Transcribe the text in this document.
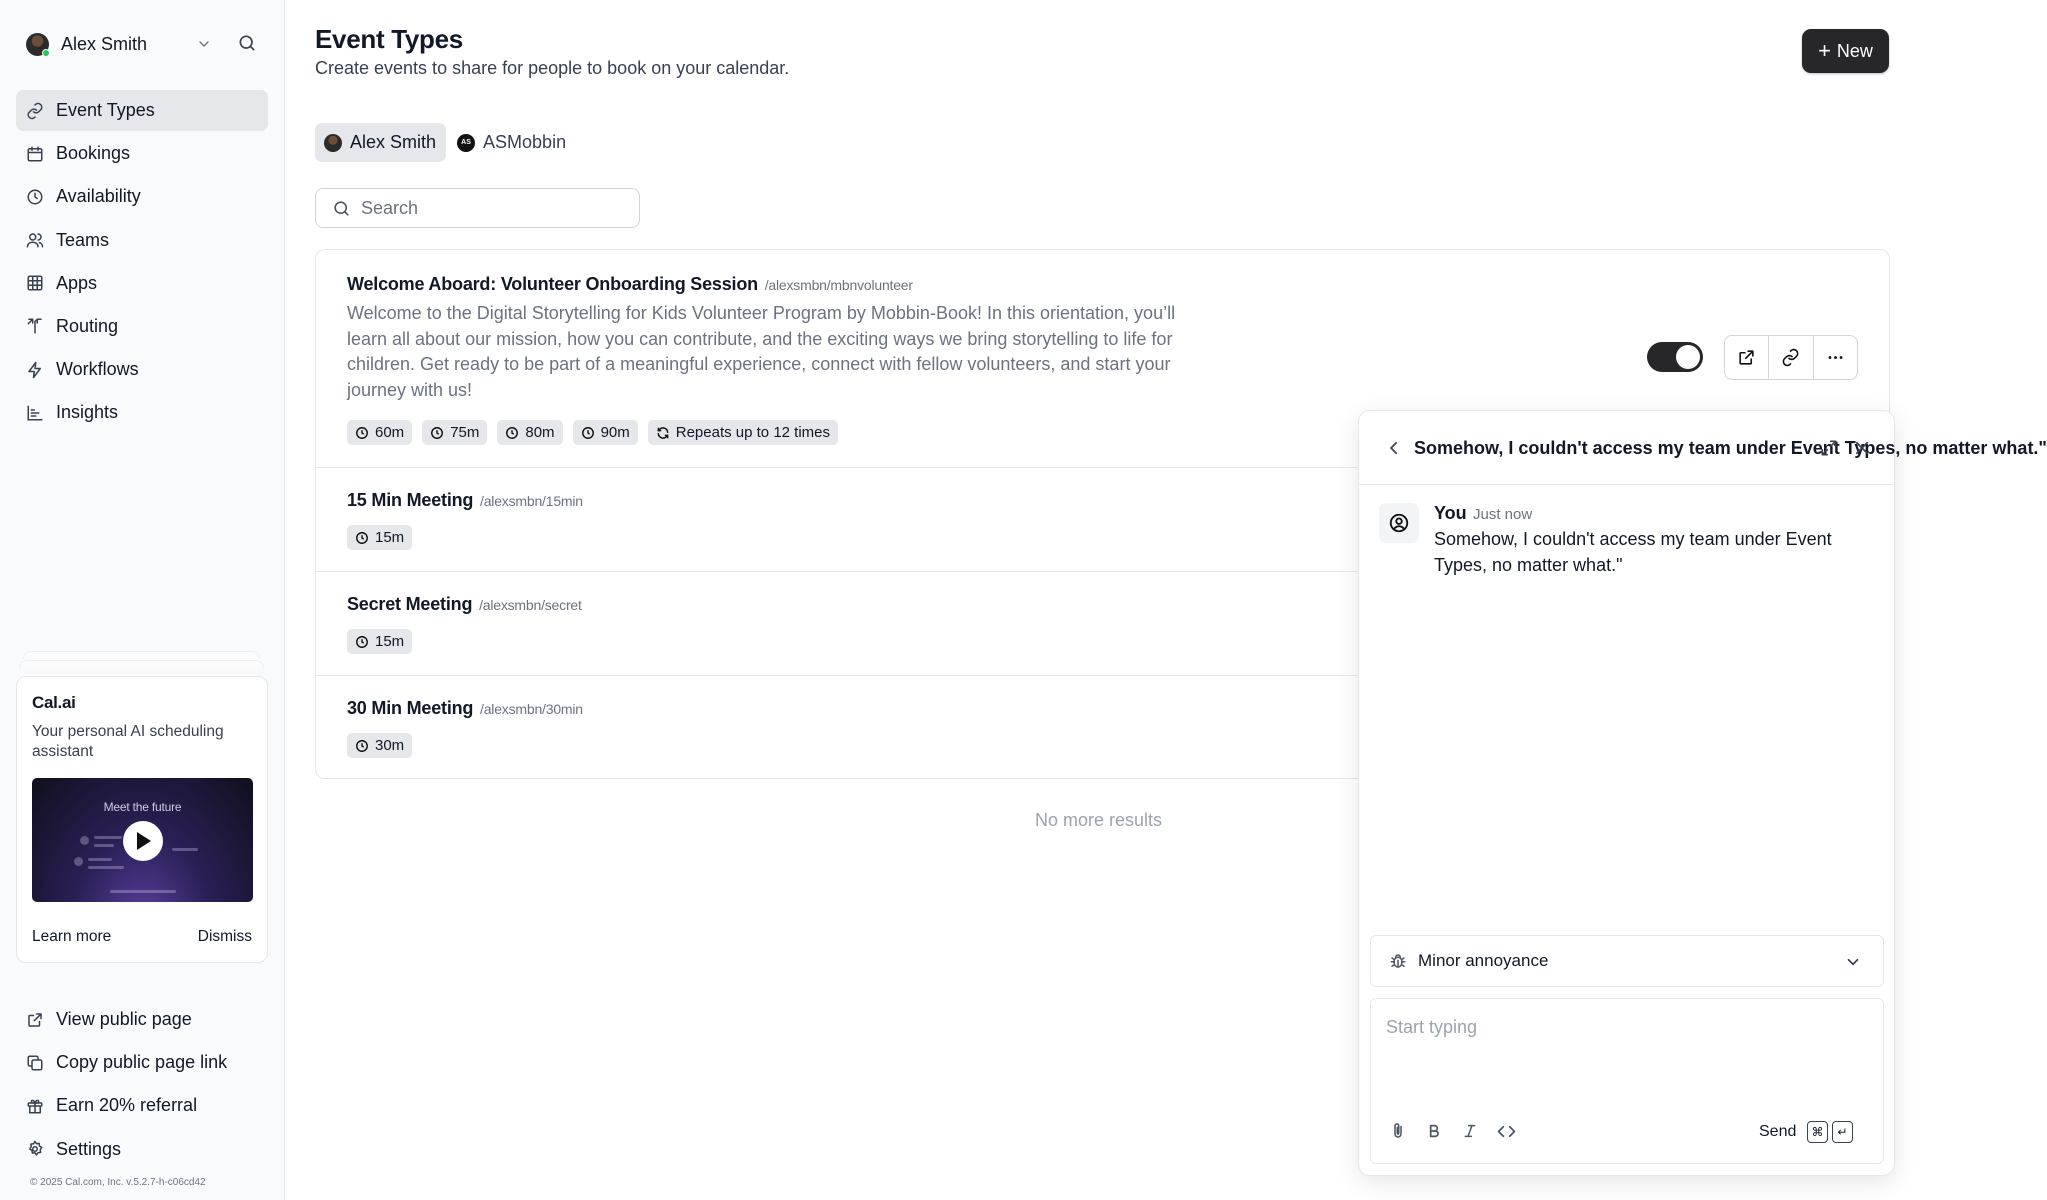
Alex Smith
Event Types
Bookings
Availability
Teams
Apps
Routing
Workflows
Insights
Cal.ai
Your personal AI scheduling assistant
Meet the future
Learn more	Dismiss
View public page
Copy public page link
Earn 20% referral
Settings
© 2025 Cal.com, Inc. v.5.2.7-h-c06cd42
Event Types

Create events to share for people to book on your calendar.

+ New
Alex Smith	AS ASMobbin
Search
Welcome Aboard: Volunteer Onboarding Session /alexsmbn/mbnvolunteer
Welcome to the Digital Storytelling for Kids Volunteer Program by Mobbin-Book! In this orientation, you’ll learn all about our mission, how you can contribute, and the exciting ways we bring storytelling to life for children. Get ready to be part of a meaningful experience, connect with fellow volunteers, and start your journey with us!
60m	75m	80m	90m	Repeats up to 12 times
15 Min Meeting /alexsmbn/15min
15m
Secret Meeting /alexsmbn/secret
15m
30 Min Meeting /alexsmbn/30min
30m
No more results
Somehow, I couldn't access my team under Event Types, no matter what."
You Just now
Somehow, I couldn't access my team under Event Types, no matter what."
Minor annoyance
Start typing
Send	⌘	↵
